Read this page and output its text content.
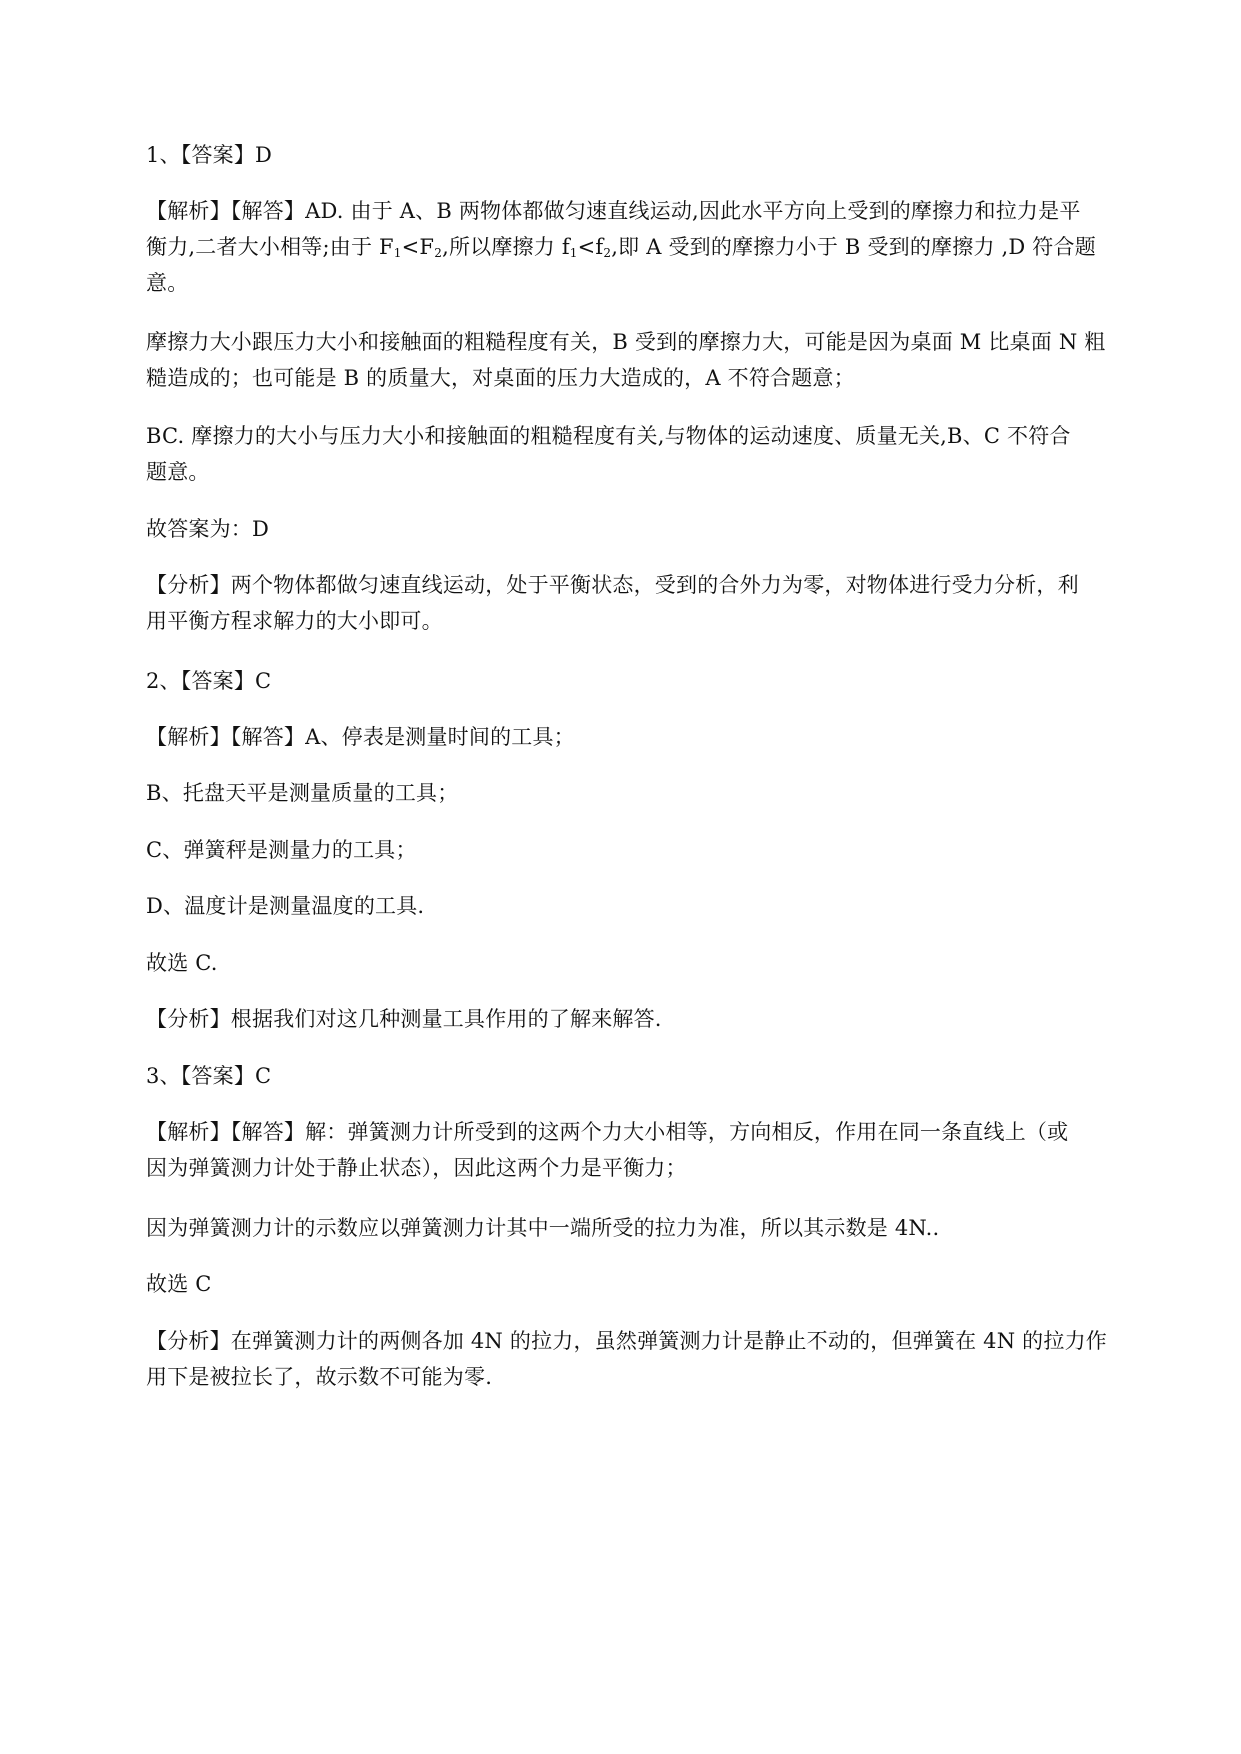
1、【答案】D

【解析】【解答】AD. 由于 A、B 两物体都做匀速直线运动,因此水平方向上受到的摩擦力和拉力是平
衡力,二者大小相等;由于 $F_1<F_2$,所以摩擦力 $f_1<f_2$,即 A 受到的摩擦力小于 B 受到的摩擦力 ,D 符合题
意。
摩擦力大小跟压力大小和接触面的粗糙程度有关，B 受到的摩擦力大，可能是因为桌面 M 比桌面 N 粗
糙造成的；也可能是 B 的质量大，对桌面的压力大造成的，A 不符合题意；
BC. 摩擦力的大小与压力大小和接触面的粗糙程度有关,与物体的运动速度、质量无关,B、C 不符合
题意。

故答案为：D

【分析】两个物体都做匀速直线运动，处于平衡状态，受到的合外力为零，对物体进行受力分析，利
用平衡方程求解力的大小即可。

2、【答案】C

【解析】【解答】A、停表是测量时间的工具；

B、托盘天平是测量质量的工具；

C、弹簧秤是测量力的工具；

D、温度计是测量温度的工具.

故选 C.

【分析】根据我们对这几种测量工具作用的了解来解答.

3、【答案】C

【解析】【解答】解：弹簧测力计所受到的这两个力大小相等，方向相反，作用在同一条直线上（或
因为弹簧测力计处于静止状态），因此这两个力是平衡力；

因为弹簧测力计的示数应以弹簧测力计其中一端所受的拉力为准，所以其示数是 4N..

故选 C

【分析】在弹簧测力计的两侧各加 4N 的拉力，虽然弹簧测力计是静止不动的，但弹簧在 4N 的拉力作
用下是被拉长了，故示数不可能为零.
